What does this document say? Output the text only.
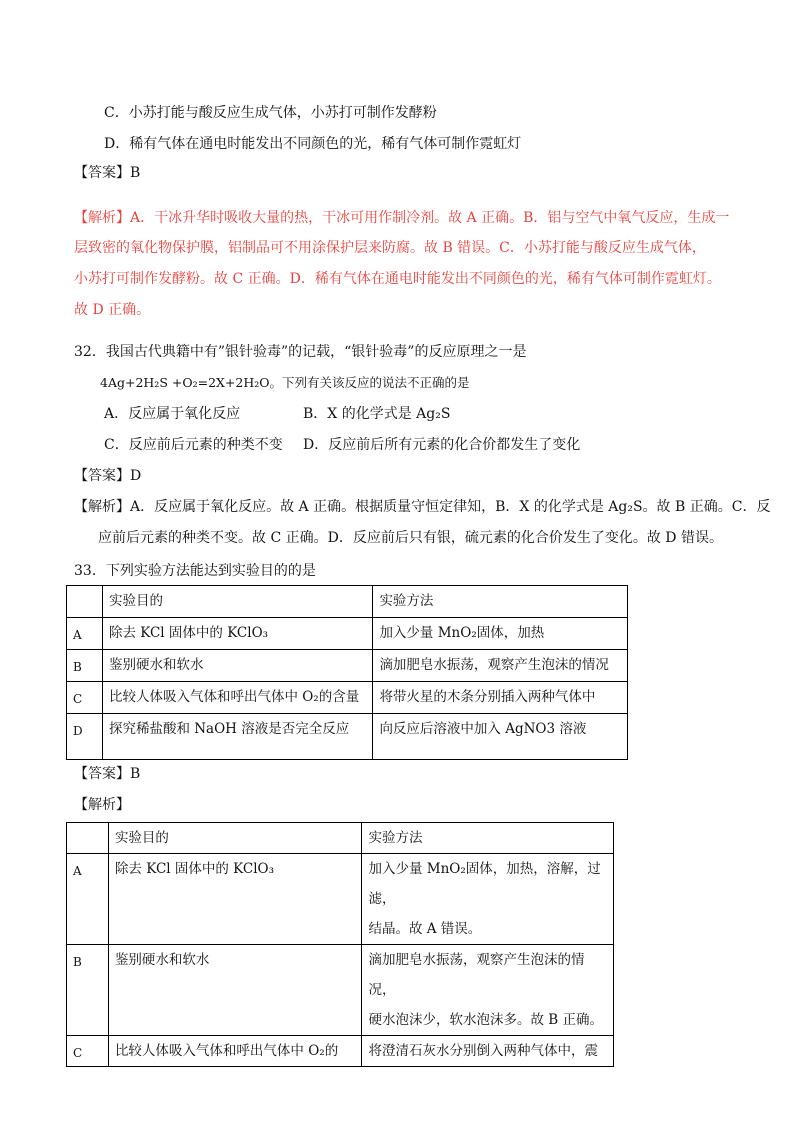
C．小苏打能与酸反应生成气体，小苏打可制作发酵粉
D．稀有气体在通电时能发出不同颜色的光，稀有气体可制作霓虹灯
【答案】B
【解析】A．干冰升华时吸收大量的热，干冰可用作制冷剂。故 A 正确。B．铝与空气中氧气反应，生成一
层致密的氧化物保护膜，铝制品可不用涂保护层来防腐。故 B 错误。C．小苏打能与酸反应生成气体，
小苏打可制作发酵粉。故 C 正确。D．稀有气体在通电时能发出不同颜色的光，稀有气体可制作霓虹灯。
故 D 正确。
32．我国古代典籍中有”银针验毒”的记载，“银针验毒”的反应原理之一是
4Ag+2H₂S +O₂=2X+2H₂O。下列有关该反应的说法不正确的是
A．反应属于氧化反应	B．X 的化学式是 Ag₂S
C．反应前后元素的种类不变 D．反应前后所有元素的化合价都发生了变化
【答案】D
【解析】A．反应属于氧化反应。故 A 正确。根据质量守恒定律知，B．X 的化学式是 Ag₂S。故 B 正确。C．反
应前后元素的种类不变。故 C 正确。D．反应前后只有银，硫元素的化合价发生了变化。故 D 错误。
33．下列实验方法能达到实验目的的是
	实验目的	实验方法
A	除去 KCl 固体中的 KClO₃	加入少量 MnO₂固体，加热
B	鉴别硬水和软水	滴加肥皂水振荡，观察产生泡沫的情况
C	比较人体吸入气体和呼出气体中 O₂的含量	将带火星的木条分别插入两种气体中
D	探究稀盐酸和 NaOH 溶液是否完全反应	向反应后溶液中加入 AgNO3 溶液
【答案】B
【解析】
	实验目的	实验方法
A	除去 KCl 固体中的 KClO₃	加入少量 MnO₂固体，加热，溶解，过滤，
结晶。故 A 错误。

B	鉴别硬水和软水	滴加肥皂水振荡，观察产生泡沫的情况，
硬水泡沫少，软水泡沫多。故 B 正确。

C	比较人体吸入气体和呼出气体中 O₂的	将澄清石灰水分别倒入两种气体中，震
